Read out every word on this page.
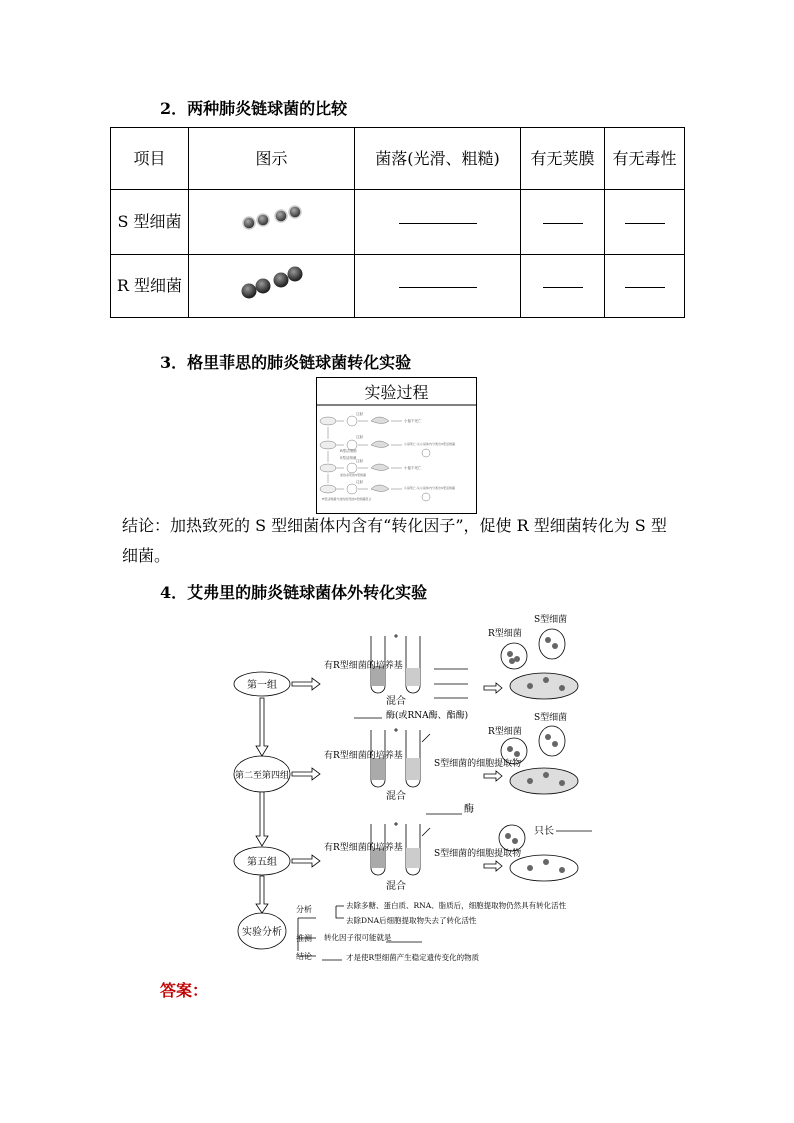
2．两种肺炎链球菌的比较
项目	图示	菌落(光滑、粗糙)	有无荚膜	有无毒性
S 型细菌				
R 型细菌				
3．格里菲思的肺炎链球菌转化实验
实验过程
注射
小鼠不死亡
注射
小鼠死亡,从小鼠体内分离出S型活细菌
R型活细菌
注射
小鼠不死亡
S型活细菌
加热杀死的S型细菌
注射
小鼠死亡,从小鼠体内分离出S型活细菌
R型活细菌与加热致死的S型细菌混合
结论：加热致死的 S 型细菌体内含有“转化因子”，促使 R 型细菌转化为 S 型细菌。
4．艾弗里的肺炎链球菌体外转化实验
第一组
第二至第四组
第五组
实验分析
有R型细菌的培养基
有R型细菌的培养基
有R型细菌的培养基
混合
混合
混合
S型细菌的细胞提取物
S型细菌的细胞提取物
酶(或RNA酶、酯酶)
酶
R型细菌
S型细菌
R型细菌
S型细菌
只长
分析
推测
结论
去除多糖、蛋白质、RNA、脂质后，细胞提取物仍然具有转化活性
去除DNA后细胞提取物失去了转化活性
转化因子很可能就是
才是使R型细菌产生稳定遗传变化的物质
答案：
